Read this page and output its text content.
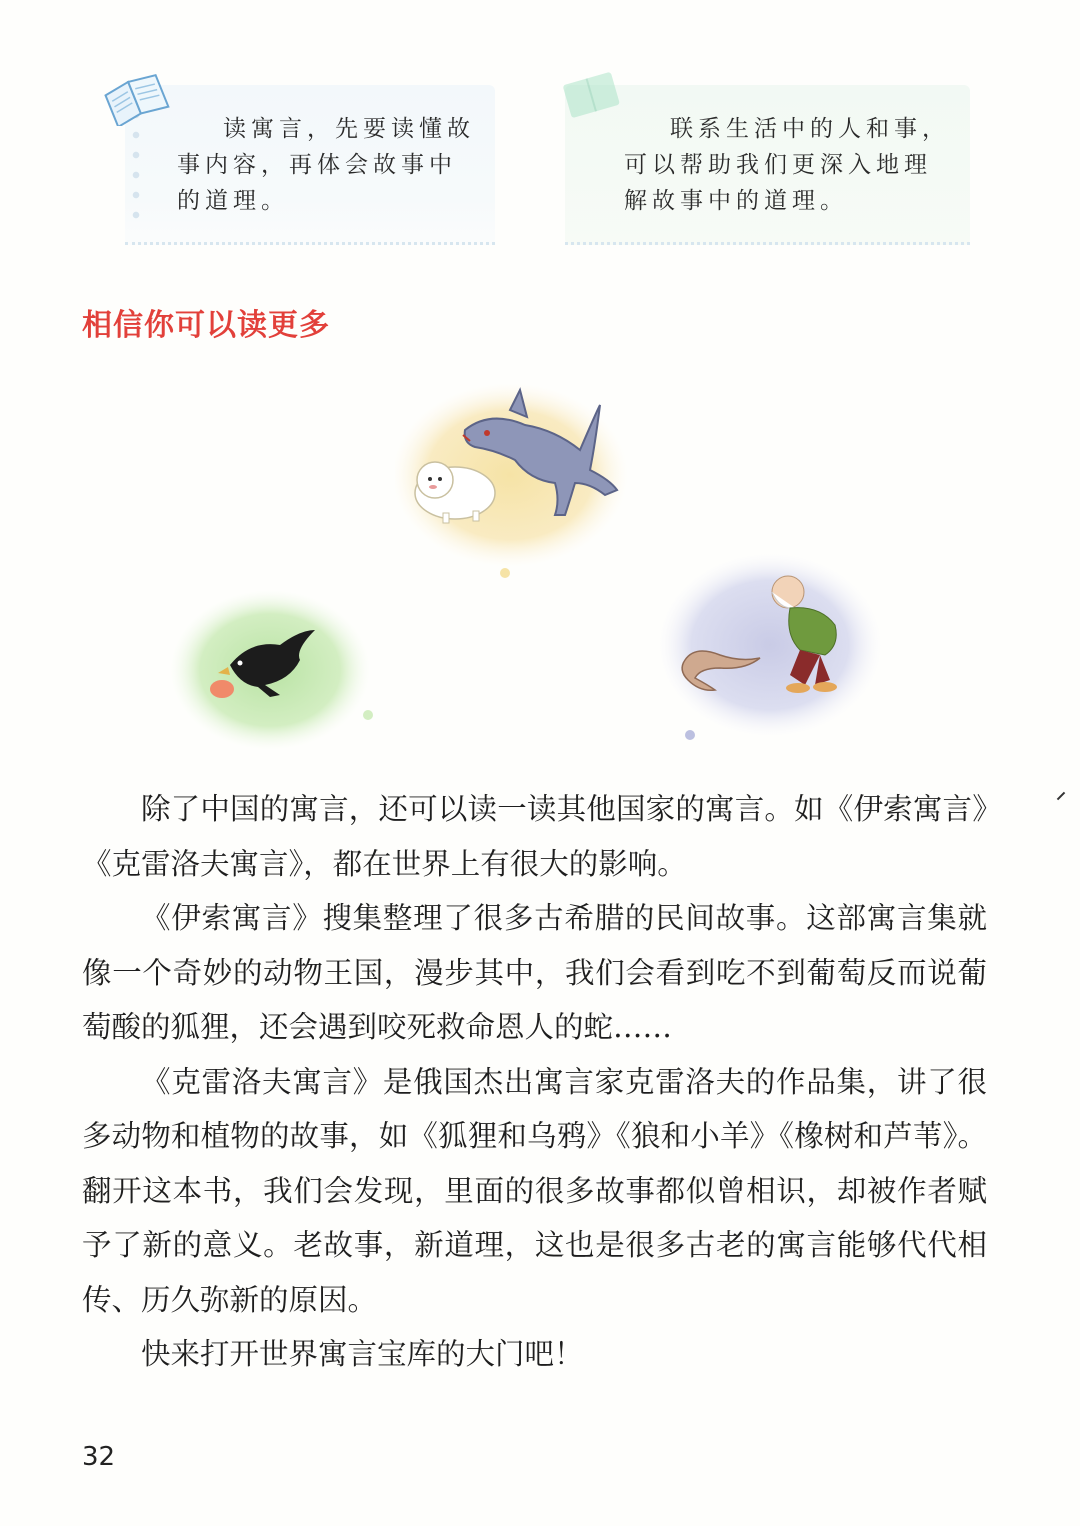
读寓言，先要读懂故事内容，再体会故事中的道理。
联系生活中的人和事，可以帮助我们更深入地理解故事中的道理。
相信你可以读更多

除了中国的寓言，还可以读一读其他国家的寓言。如《伊索寓言》《克雷洛夫寓言》，都在世界上有很大的影响。

《伊索寓言》搜集整理了很多古希腊的民间故事。这部寓言集就像一个奇妙的动物王国，漫步其中，我们会看到吃不到葡萄反而说葡萄酸的狐狸，还会遇到咬死救命恩人的蛇……

《克雷洛夫寓言》是俄国杰出寓言家克雷洛夫的作品集，讲了很多动物和植物的故事，如《狐狸和乌鸦》《狼和小羊》《橡树和芦苇》。翻开这本书，我们会发现，里面的很多故事都似曾相识，却被作者赋予了新的意义。老故事，新道理，这也是很多古老的寓言能够代代相传、历久弥新的原因。

快来打开世界寓言宝库的大门吧！

32
